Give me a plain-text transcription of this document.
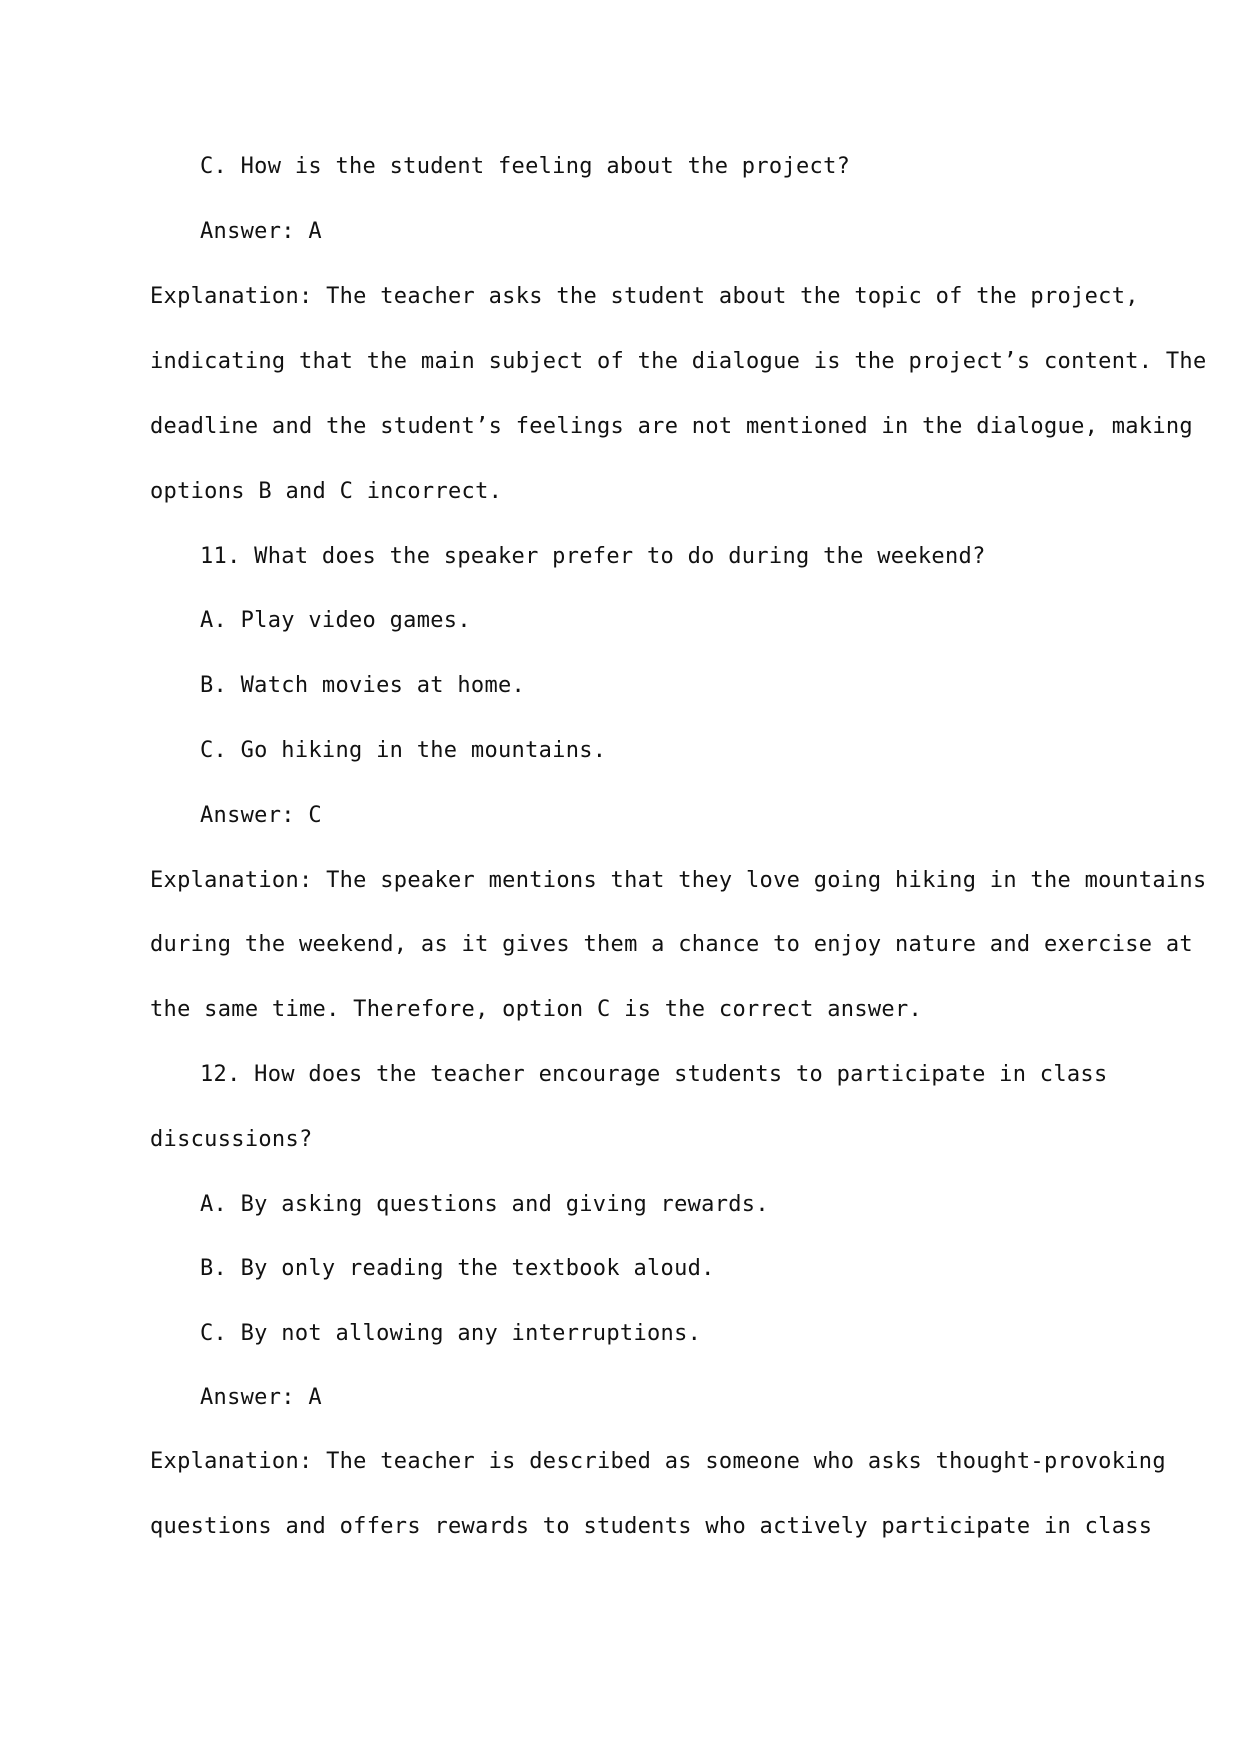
C. How is the student feeling about the project?
Answer: A
Explanation: The teacher asks the student about the topic of the project,
indicating that the main subject of the dialogue is the project’s content. The
deadline and the student’s feelings are not mentioned in the dialogue, making
options B and C incorrect.
11. What does the speaker prefer to do during the weekend?
A. Play video games.
B. Watch movies at home.
C. Go hiking in the mountains.
Answer: C
Explanation: The speaker mentions that they love going hiking in the mountains
during the weekend, as it gives them a chance to enjoy nature and exercise at
the same time. Therefore, option C is the correct answer.
12. How does the teacher encourage students to participate in class
discussions?
A. By asking questions and giving rewards.
B. By only reading the textbook aloud.
C. By not allowing any interruptions.
Answer: A
Explanation: The teacher is described as someone who asks thought-provoking
questions and offers rewards to students who actively participate in class
